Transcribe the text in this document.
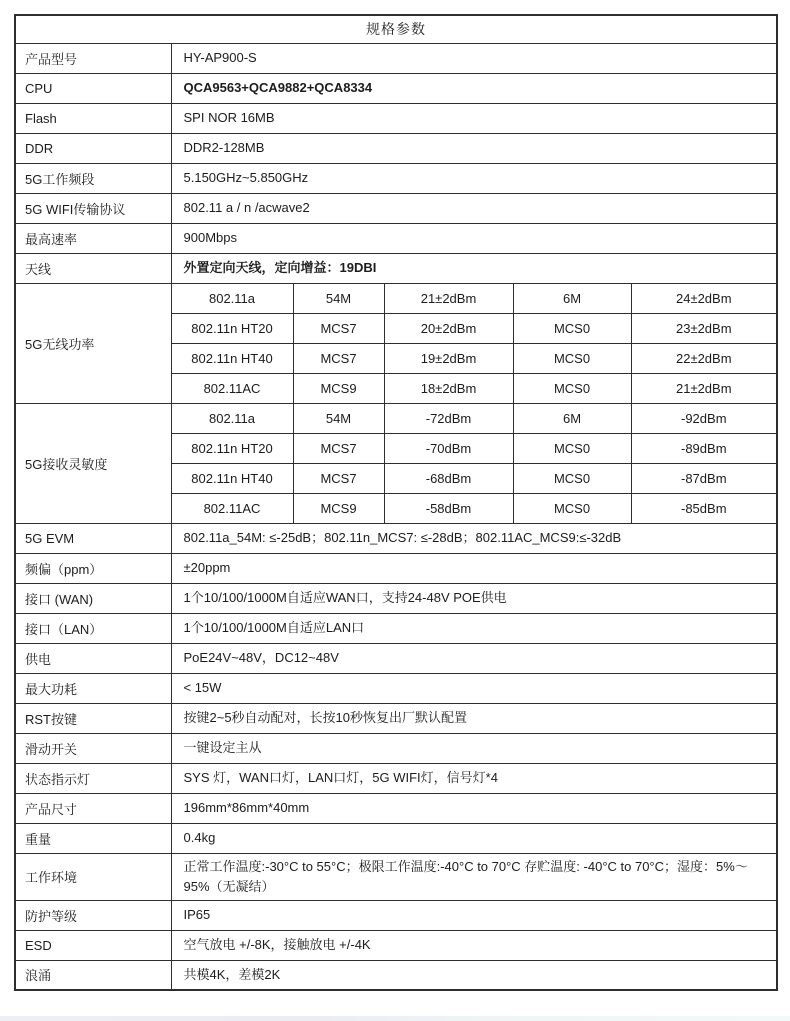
规格参数					
产品型号	HY-AP900-S				
CPU	QCA9563+QCA9882+QCA8334				
Flash	SPI NOR 16MB				
DDR	DDR2-128MB				
5G工作频段	5.150GHz~5.850GHz				
5G WIFI传输协议	802.11 a / n /acwave2				
最高速率	900Mbps				
天线	外置定向天线，定向增益：19DBI				
5G无线功率	802.11a	54M	21±2dBm	6M	24±2dBm
	802.11n HT20	MCS7	20±2dBm	MCS0	23±2dBm
	802.11n HT40	MCS7	19±2dBm	MCS0	22±2dBm
	802.11AC	MCS9	18±2dBm	MCS0	21±2dBm
5G接收灵敏度	802.11a	54M	-72dBm	6M	-92dBm
	802.11n HT20	MCS7	-70dBm	MCS0	-89dBm
	802.11n HT40	MCS7	-68dBm	MCS0	-87dBm
	802.11AC	MCS9	-58dBm	MCS0	-85dBm
5G EVM	802.11a_54M: ≤-25dB；802.11n_MCS7: ≤-28dB；802.11AC_MCS9:≤-32dB				
频偏（ppm）	±20ppm				
接口 (WAN)	1个10/100/1000M自适应WAN口，支持24-48V POE供电				
接口（LAN）	1个10/100/1000M自适应LAN口				
供电	PoE24V~48V，DC12~48V				
最大功耗	< 15W				
RST按键	按键2~5秒自动配对，长按10秒恢复出厂默认配置				
滑动开关	一键设定主从				
状态指示灯	SYS 灯，WAN口灯，LAN口灯，5G WIFI灯，信号灯*4				
产品尺寸	196mm*86mm*40mm				
重量	0.4kg				
工作环境	正常工作温度:-30°C to 55°C；极限工作温度:-40°C to 70°C 存贮温度: -40°C to 70°C；湿度：5%～95%（无凝结）				
防护等级	IP65				
ESD	空气放电 +/-8K，接触放电 +/-4K				
浪涌	共模4K，差模2K				
